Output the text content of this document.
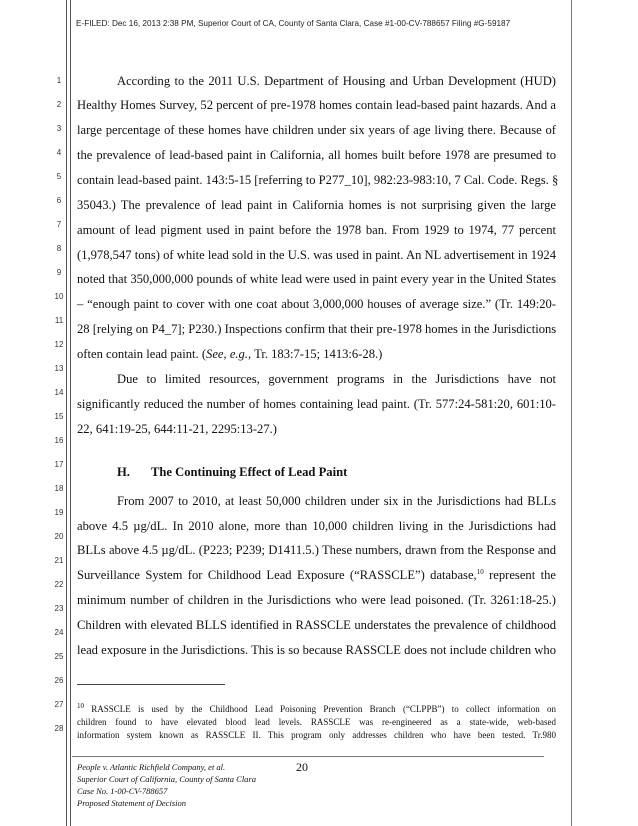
E-FILED: Dec 16, 2013 2:38 PM, Superior Court of CA, County of Santa Clara, Case #1-00-CV-788657 Filing #G-59187
1
2
3
4
5
6
7
8
9
10
11
12
13
14
15
16
17
18
19
20
21
22
23
24
25
26
27
28
According to the 2011 U.S. Department of Housing and Urban Development (HUD)
Healthy Homes Survey, 52 percent of pre-1978 homes contain lead-based paint hazards. And a
large percentage of these homes have children under six years of age living there. Because of
the prevalence of lead-based paint in California, all homes built before 1978 are presumed to
contain lead-based paint. 143:5-15 [referring to P277_10], 982:23-983:10, 7 Cal. Code. Regs. §
35043.) The prevalence of lead paint in California homes is not surprising given the large
amount of lead pigment used in paint before the 1978 ban. From 1929 to 1974, 77 percent
(1,978,547 tons) of white lead sold in the U.S. was used in paint. An NL advertisement in 1924
noted that 350,000,000 pounds of white lead were used in paint every year in the United States
– “enough paint to cover with one coat about 3,000,000 houses of average size.” (Tr. 149:20-
28 [relying on P4_7]; P230.) Inspections confirm that their pre-1978 homes in the Jurisdictions
often contain lead paint. (See, e.g., Tr. 183:7-15; 1413:6-28.)
Due to limited resources, government programs in the Jurisdictions have not
significantly reduced the number of homes containing lead paint. (Tr. 577:24-581:20, 601:10-
22, 641:19-25, 644:11-21, 2295:13-27.)
H. The Continuing Effect of Lead Paint
From 2007 to 2010, at least 50,000 children under six in the Jurisdictions had BLLs
above 4.5 µg/dL. In 2010 alone, more than 10,000 children living in the Jurisdictions had
BLLs above 4.5 µg/dL. (P223; P239; D1411.5.) These numbers, drawn from the Response and
Surveillance System for Childhood Lead Exposure (“RASSCLE”) database,$^{10}$ represent the
minimum number of children in the Jurisdictions who were lead poisoned. (Tr. 3261:18-25.)
Children with elevated BLLS identified in RASSCLE understates the prevalence of childhood
lead exposure in the Jurisdictions. This is so because RASSCLE does not include children who
$^{10}$ RASSCLE is used by the Childhood Lead Poisoning Prevention Branch (“CLPPB”) to collect information on
children found to have elevated blood lead levels. RASSCLE was re-engineered as a state-wide, web-based
information system known as RASSCLE II. This program only addresses children who have been tested. Tr.980
20
People v. Atlantic Richfield Company, et al.
Superior Court of California, County of Santa Clara
Case No. 1-00-CV-788657
Proposed Statement of Decision
